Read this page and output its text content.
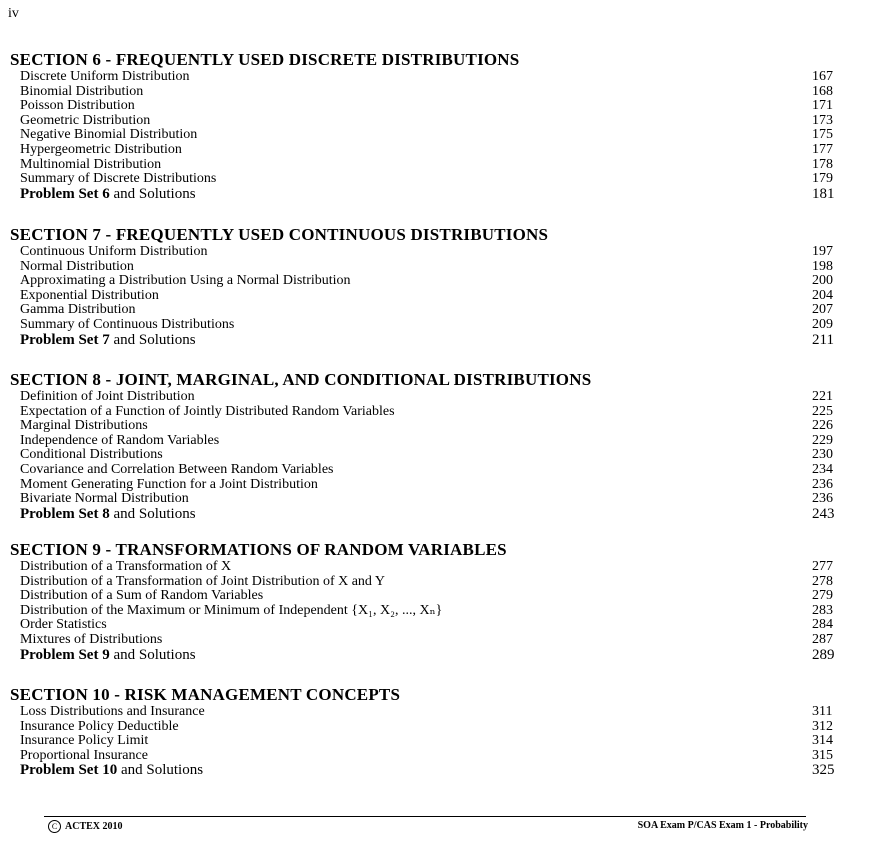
iv
SECTION 6 - FREQUENTLY USED DISCRETE DISTRIBUTIONS
Discrete Uniform Distribution	167
Binomial Distribution	168
Poisson Distribution	171
Geometric Distribution	173
Negative Binomial Distribution	175
Hypergeometric Distribution	177
Multinomial Distribution	178
Summary of Discrete Distributions	179
Problem Set 6 and Solutions	181
SECTION 7 - FREQUENTLY USED CONTINUOUS DISTRIBUTIONS
Continuous Uniform Distribution	197
Normal Distribution	198
Approximating a Distribution Using a Normal Distribution	200
Exponential Distribution	204
Gamma Distribution	207
Summary of Continuous Distributions	209
Problem Set 7 and Solutions	211
SECTION 8 - JOINT, MARGINAL, AND CONDITIONAL DISTRIBUTIONS
Definition of Joint Distribution	221
Expectation of a Function of Jointly Distributed Random Variables	225
Marginal Distributions	226
Independence of Random Variables	229
Conditional Distributions	230
Covariance and Correlation Between Random Variables	234
Moment Generating Function for a Joint Distribution	236
Bivariate Normal Distribution	236
Problem Set 8 and Solutions	243
SECTION 9 - TRANSFORMATIONS OF RANDOM VARIABLES
Distribution of a Transformation of X	277
Distribution of a Transformation of Joint Distribution of X and Y	278
Distribution of a Sum of Random Variables	279
Distribution of the Maximum or Minimum of Independent {X₁, X₂, ..., Xₙ}	283
Order Statistics	284
Mixtures of Distributions	287
Problem Set 9 and Solutions	289
SECTION 10 - RISK MANAGEMENT CONCEPTS
Loss Distributions and Insurance	311
Insurance Policy Deductible	312
Insurance Policy Limit	314
Proportional Insurance	315
Problem Set 10 and Solutions	325
C ACTEX 2010	SOA Exam P/CAS Exam 1 - Probability
